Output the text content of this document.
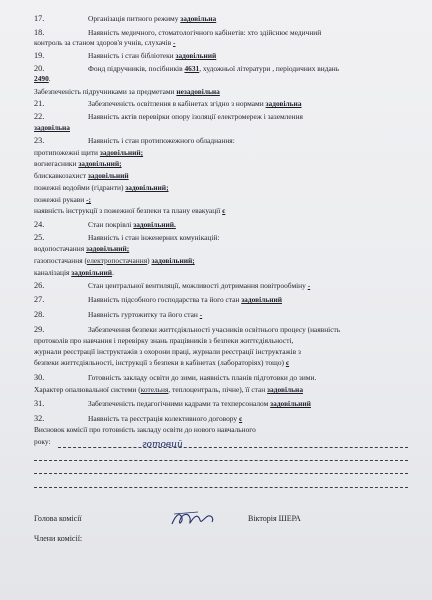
17.	Організація питного режиму задовільна
18.	Наявність медичного, стоматологічного кабінетів: хто здійснює медичний
контроль за станом здоров'я учнів, слухачів -
19.	Наявність і стан бібліотеки задовільний
20.	Фонд підручників, посібників 4631, художньої літератури , періодичних видань
2490.
Забезпеченість підручниками за предметами незадовільна
21.	Забезпеченість освітлення в кабінетах згідно з нормами задовільна
22.	Наявність актів перевірки опору ізоляції електромереж і заземлення
задовільна
23.	Наявність і стан протипожежного обладнання:
протипожежні щити задовільний;
вогнегасники задовільний;
блискавкозахист задовільний
пожежні водойми (гідранти) задовільний;
пожежні рукави -;
наявність інструкції з пожежної безпеки та плану евакуації є
24.	Стан покрівлі задовільний.
25.	Наявність і стан інженерних комунікацій:
водопостачання задовільний;
газопостачання (електропостачання) задовільний;
каналізація задовільний.
26.	Стан центральної вентиляції, можливості дотримання повітрообміну -
27.	Наявність підсобного господарства та його стан задовільний
28.	Наявність гуртожитку та його стан -
29.	Забезпечення безпеки життєдіяльності учасників освітнього процесу (наявність
протоколів про навчання і перевірку знань працівників з безпеки життєдіяльності,
журнали реєстрації інструктажів з охорони праці, журнали реєстрації інструктажів з
безпеки життєдіяльності, інструкції з безпеки в кабінетах (лабораторіях) тощо) є
30.	Готовність закладу освіти до зими, наявність планів підготовки до зими.
Характер опалювальної системи (котельня, теплоцентраль, пічне), її стан задовільна
31.	Забезпеченість педагогічними кадрами та техперсоналом задовільний
32.	Наявність та реєстрація колективного договору є
Висновок комісії про готовність закладу освіти до нового навчального
року:	готовий
Голова комісії	Вікторія ШЕРА
Члени комісії:
